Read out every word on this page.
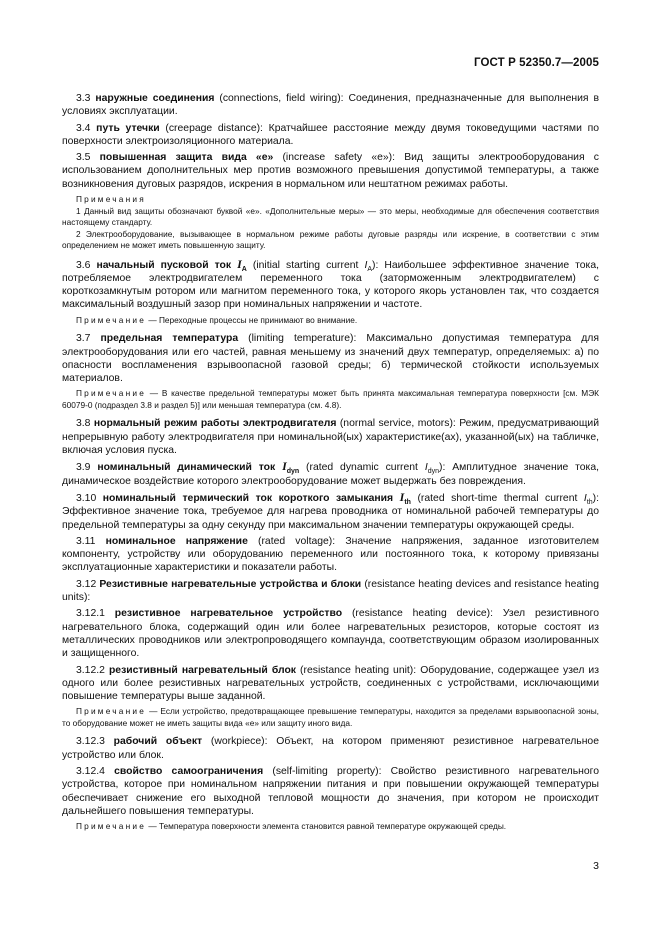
ГОСТ Р 52350.7—2005

3.3 наружные соединения (connections, field wiring): Соединения, предназначенные для выполнения в условиях эксплуатации.

3.4 путь утечки (creepage distance): Кратчайшее расстояние между двумя токоведущими частями по поверхности электроизоляционного материала.

3.5 повышенная защита вида «е» (increase safety «е»): Вид защиты электрооборудования с использованием дополнительных мер против возможного превышения допустимой температуры, а также возникновения дуговых разрядов, искрения в нормальном или нештатном режимах работы.

Примечания

1 Данный вид защиты обозначают буквой «е». «Дополнительные меры» — это меры, необходимые для обеспечения соответствия настоящему стандарту.

2 Электрооборудование, вызывающее в нормальном режиме работы дуговые разряды или искрение, в соответствии с этим определением не может иметь повышенную защиту.

3.6 начальный пусковой ток $I_A$ (initial starting current $I_A$): Наибольшее эффективное значение тока, потребляемое электродвигателем переменного тока (заторможенным электродвигателем) с короткозамкнутым ротором или магнитом переменного тока, у которого якорь установлен так, что создается максимальный воздушный зазор при номинальных напряжении и частоте.

Примечание — Переходные процессы не принимают во внимание.

3.7 предельная температура (limiting temperature): Максимально допустимая температура для электрооборудования или его частей, равная меньшему из значений двух температур, определяемых: а) по опасности воспламенения взрывоопасной газовой среды; б) термической стойкости используемых материалов.

Примечание — В качестве предельной температуры может быть принята максимальная температура поверхности [см. МЭК 60079-0 (подраздел 3.8 и раздел 5)] или меньшая температура (см. 4.8).

3.8 нормальный режим работы электродвигателя (normal service, motors): Режим, предусматривающий непрерывную работу электродвигателя при номинальной(ых) характеристике(ах), указанной(ых) на табличке, включая условия пуска.

3.9 номинальный динамический ток $I_{dyn}$ (rated dynamic current $I_{dyn}$): Амплитудное значение тока, динамическое воздействие которого электрооборудование может выдержать без повреждения.

3.10 номинальный термический ток короткого замыкания $I_{th}$ (rated short-time thermal current $I_{th}$): Эффективное значение тока, требуемое для нагрева проводника от номинальной рабочей температуры до предельной температуры за одну секунду при максимальном значении температуры окружающей среды.

3.11 номинальное напряжение (rated voltage): Значение напряжения, заданное изготовителем компоненту, устройству или оборудованию переменного или постоянного тока, к которому привязаны эксплуатационные характеристики и показатели работы.

3.12 Резистивные нагревательные устройства и блоки (resistance heating devices and resistance heating units):

3.12.1 резистивное нагревательное устройство (resistance heating device): Узел резистивного нагревательного блока, содержащий один или более нагревательных резисторов, которые состоят из металлических проводников или электропроводящего компаунда, соответствующим образом изолированных и защищенного.

3.12.2 резистивный нагревательный блок (resistance heating unit): Оборудование, содержащее узел из одного или более резистивных нагревательных устройств, соединенных с устройствами, исключающими повышение температуры выше заданной.

Примечание — Если устройство, предотвращающее превышение температуры, находится за пределами взрывоопасной зоны, то оборудование может не иметь защиты вида «е» или защиту иного вида.

3.12.3 рабочий объект (workpiece): Объект, на котором применяют резистивное нагревательное устройство или блок.

3.12.4 свойство самоограничения (self-limiting property): Свойство резистивного нагревательного устройства, которое при номинальном напряжении питания и при повышении окружающей температуры обеспечивает снижение его выходной тепловой мощности до значения, при котором не происходит дальнейшего повышения температуры.

Примечание — Температура поверхности элемента становится равной температуре окружающей среды.

3
